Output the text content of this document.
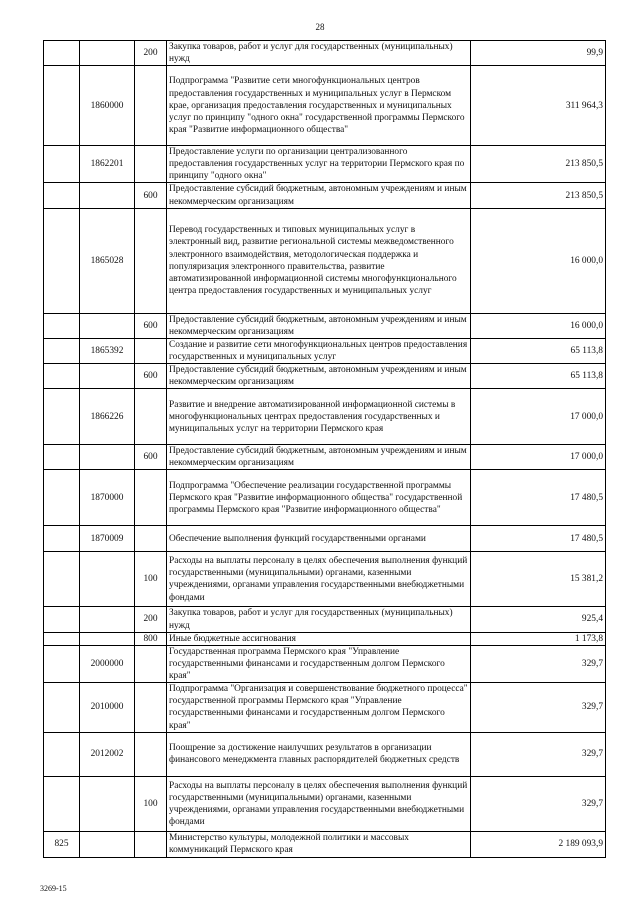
28
		200	Закупка товаров, работ и услуг для государственных (муниципальных) нужд	99,9
	1860000		Подпрограмма "Развитие сети многофункциональных центров предоставления государственных и муниципальных услуг в Пермском крае, организация предоставления государственных и муниципальных услуг по принципу "одного окна" государственной программы Пермского края "Развитие информационного общества"	311 964,3
	1862201		Предоставление услуги по организации централизованного предоставления государственных услуг на территории Пермского края по принципу "одного окна"	213 850,5
		600	Предоставление субсидий бюджетным, автономным учреждениям и иным некоммерческим организациям	213 850,5
	1865028		Перевод государственных и типовых муниципальных услуг в электронный вид, развитие региональной системы межведомственного электронного взаимодействия, методологическая поддержка и популяризация электронного правительства, развитие автоматизированной информационной системы многофункционального центра предоставления государственных и муниципальных услуг	16 000,0
		600	Предоставление субсидий бюджетным, автономным учреждениям и иным некоммерческим организациям	16 000,0
	1865392		Создание и развитие сети многофункциональных центров предоставления государственных и муниципальных услуг	65 113,8
		600	Предоставление субсидий бюджетным, автономным учреждениям и иным некоммерческим организациям	65 113,8
	1866226		Развитие и внедрение автоматизированной информационной системы в многофункциональных центрах предоставления государственных и муниципальных услуг на территории Пермского края	17 000,0
		600	Предоставление субсидий бюджетным, автономным учреждениям и иным некоммерческим организациям	17 000,0
	1870000		Подпрограмма "Обеспечение реализации государственной программы Пермского края "Развитие информационного общества" государственной программы Пермского края "Развитие информационного общества"	17 480,5
	1870009		Обеспечение выполнения функций государственными органами	17 480,5
		100	Расходы на выплаты персоналу в целях обеспечения выполнения функций государственными (муниципальными) органами, казенными учреждениями, органами управления государственными внебюджетными фондами	15 381,2
		200	Закупка товаров, работ и услуг для государственных (муниципальных) нужд	925,4
		800	Иные бюджетные ассигнования	1 173,8
	2000000		Государственная программа Пермского края "Управление государственными финансами и государственным долгом Пермского края"	329,7
	2010000		Подпрограмма "Организация и совершенствование бюджетного процесса" государственной программы Пермского края "Управление государственными финансами и государственным долгом Пермского края"	329,7
	2012002		Поощрение за достижение наилучших результатов в организации финансового менеджмента главных распорядителей бюджетных средств	329,7
		100	Расходы на выплаты персоналу в целях обеспечения выполнения функций государственными (муниципальными) органами, казенными учреждениями, органами управления государственными внебюджетными фондами	329,7
825			Министерство культуры, молодежной политики и массовых коммуникаций Пермского края	2 189 093,9
3269-15
